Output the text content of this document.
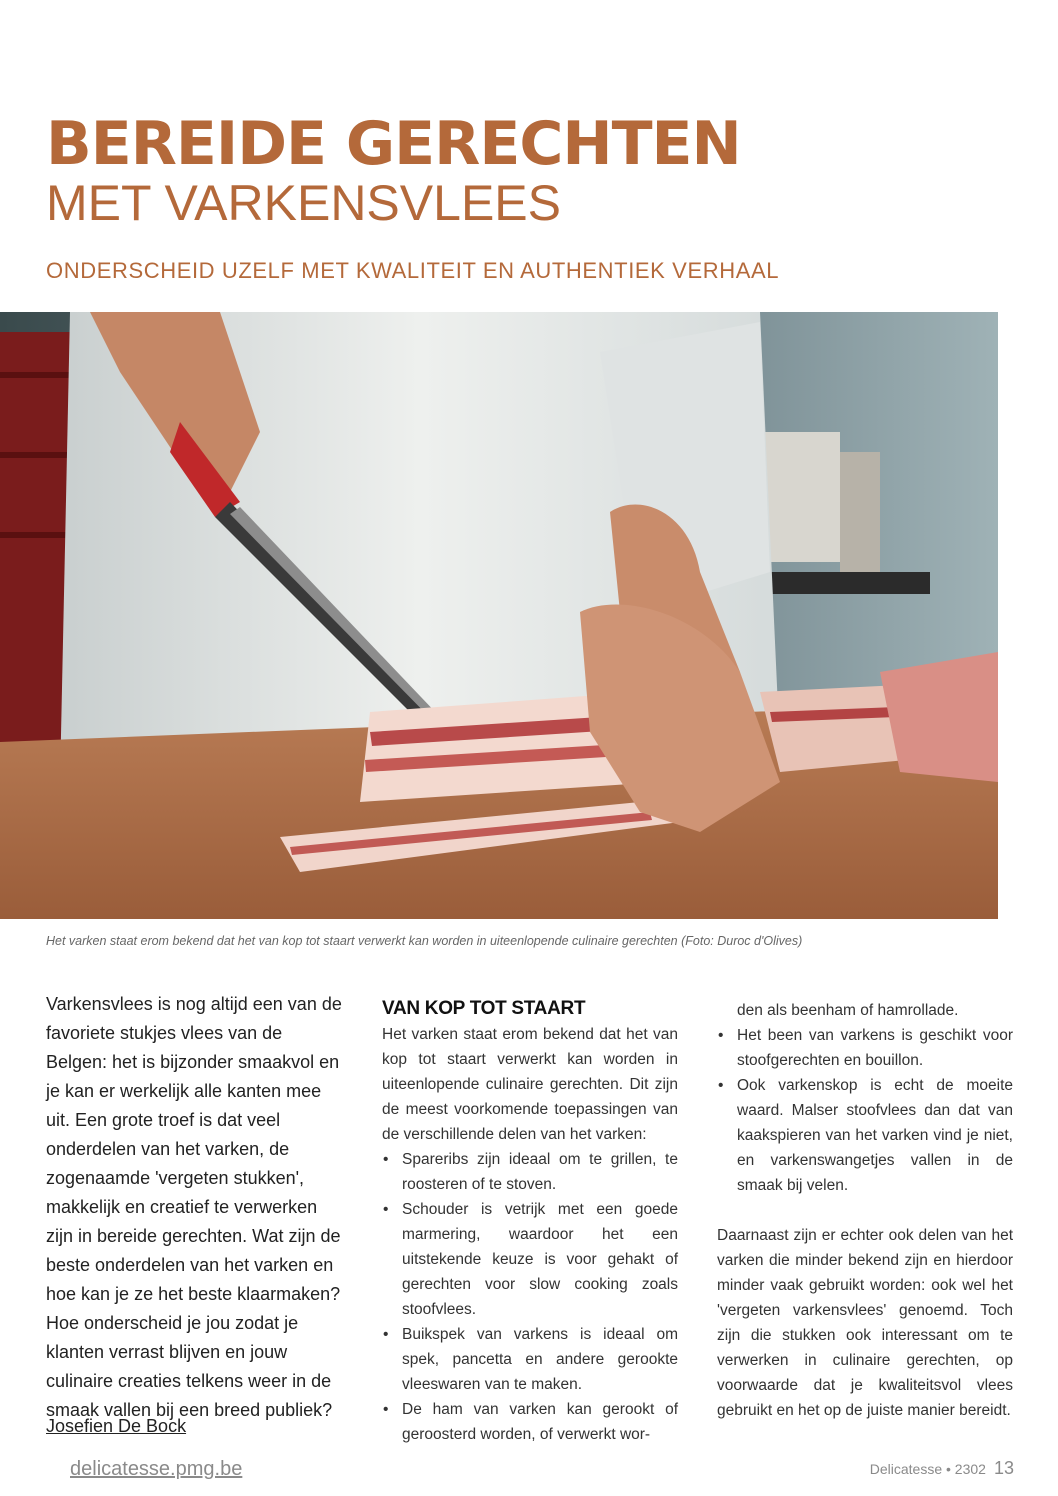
BEREIDE GERECHTEN
MET VARKENSVLEES
ONDERSCHEID UZELF MET KWALITEIT EN AUTHENTIEK VERHAAL
Het varken staat erom bekend dat het van kop tot staart verwerkt kan worden in uiteenlopende culinaire gerechten (Foto: Duroc d'Olives)

Varkensvlees is nog altijd een van de favoriete stukjes vlees van de Belgen: het is bijzonder smaakvol en je kan er werkelijk alle kanten mee uit. Een grote troef is dat veel onderdelen van het varken, de zogenaamde 'vergeten stukken', makkelijk en creatief te verwerken zijn in bereide gerechten. Wat zijn de beste onderdelen van het varken en hoe kan je ze het beste klaarmaken? Hoe onderscheid je jou zodat je klanten verrast blijven en jouw culinaire creaties telkens weer in de smaak vallen bij een breed publiek?

Josefien De Bock
VAN KOP TOT STAART

Het varken staat erom bekend dat het van kop tot staart verwerkt kan worden in uiteenlopende culinaire gerechten. Dit zijn de meest voorkomende toepassingen van de verschillende delen van het varken:

• Spareribs zijn ideaal om te grillen, te roosteren of te stoven.
• Schouder is vetrijk met een goede marmering, waardoor het een uitstekende keuze is voor gehakt of gerechten voor slow cooking zoals stoofvlees.
• Buikspek van varkens is ideaal om spek, pancetta en andere gerookte vleeswaren van te maken.
• De ham van varken kan gerookt of geroosterd worden, of verwerkt wor-
den als beenham of hamrollade.
• Het been van varkens is geschikt voor stoofgerechten en bouillon.
• Ook varkenskop is echt de moeite waard. Malser stoofvlees dan dat van kaakspieren van het varken vind je niet, en varkenswangetjes vallen in de smaak bij velen.

Daarnaast zijn er echter ook delen van het varken die minder bekend zijn en hierdoor minder vaak gebruikt worden: ook wel het 'vergeten varkensvlees' genoemd. Toch zijn die stukken ook interessant om te verwerken in culinaire gerechten, op voorwaarde dat je kwaliteitsvol vlees gebruikt en het op de juiste manier bereidt.

delicatesse.pmg.be	Delicatesse • 2302 13
